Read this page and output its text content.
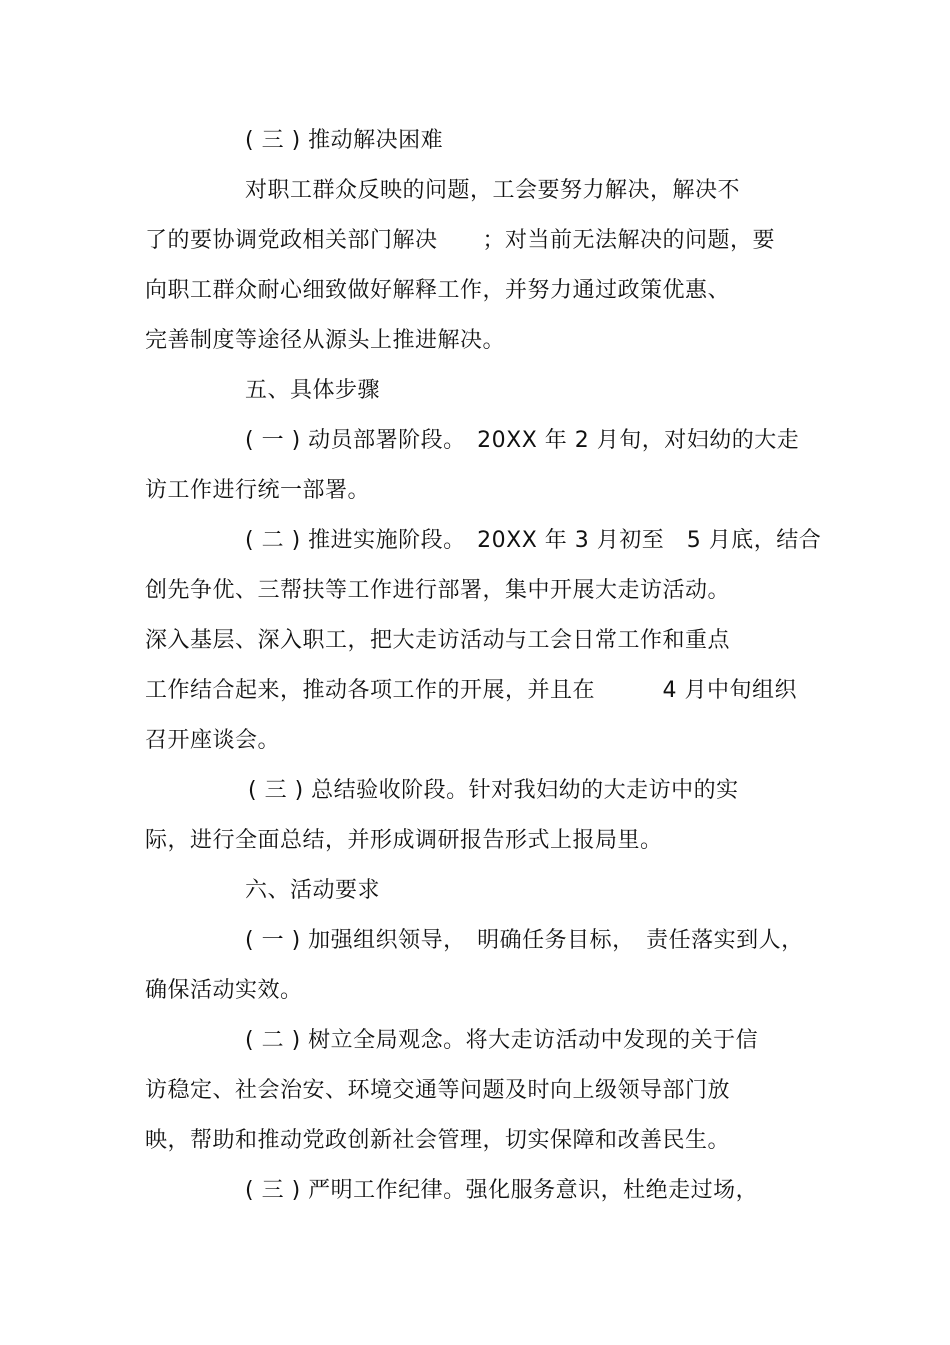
( 三 ) 推动解决困难
对职工群众反映的问题，工会要努力解决，解决不
了的要协调党政相关部门解决　　；对当前无法解决的问题，要
向职工群众耐心细致做好解释工作，并努力通过政策优惠、
完善制度等途径从源头上推进解决。
五、具体步骤
( 一 ) 动员部署阶段。　20XX 年 2 月旬，对妇幼的大走
访工作进行统一部署。
( 二 ) 推进实施阶段。　20XX 年 3 月初至　5 月底，结合
创先争优、三帮扶等工作进行部署，集中开展大走访活动。
深入基层、深入职工，把大走访活动与工会日常工作和重点
工作结合起来，推动各项工作的开展，并且在　　　4 月中旬组织
召开座谈会。
( 三 ) 总结验收阶段。针对我妇幼的大走访中的实
际，进行全面总结，并形成调研报告形式上报局里。
六、活动要求
( 一 ) 加强组织领导，　明确任务目标，　责任落实到人，
确保活动实效。
( 二 ) 树立全局观念。将大走访活动中发现的关于信
访稳定、社会治安、环境交通等问题及时向上级领导部门放
映，帮助和推动党政创新社会管理，切实保障和改善民生。
( 三 ) 严明工作纪律。强化服务意识，杜绝走过场，
